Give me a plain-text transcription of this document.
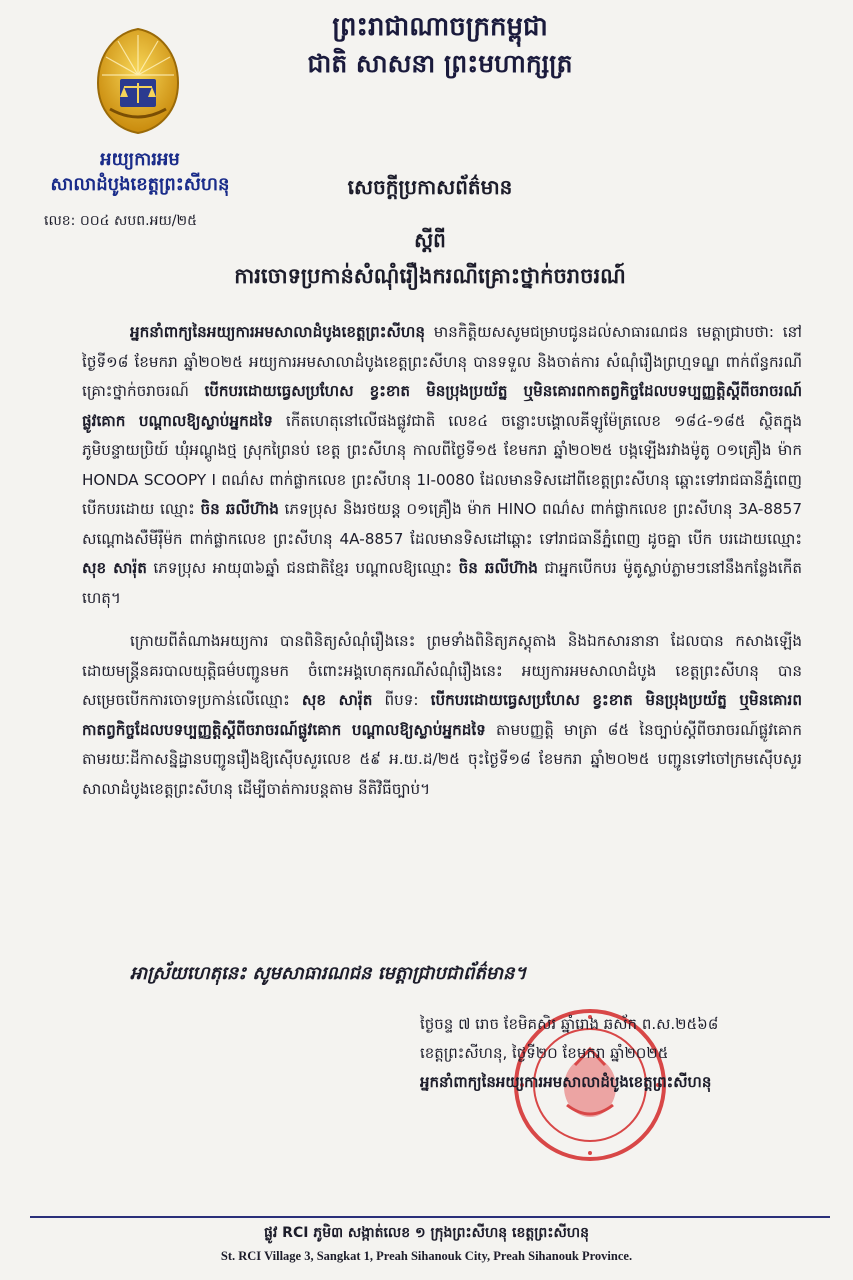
ព្រះរាជាណាចក្រកម្ពុជា
ជាតិ សាសនា ព្រះមហាក្សត្រ
អយ្យការអម
សាលាដំបូងខេត្តព្រះសីហនុ
លេខ: ០០៤ សបព.អយ/២៥
សេចក្ដីប្រកាសព័ត៌មាន
ស្ដីពី
ការចោទប្រកាន់សំណុំរឿងករណីគ្រោះថ្នាក់ចរាចរណ៍

អ្នកនាំពាក្យនៃអយ្យការអមសាលាដំបូងខេត្តព្រះសីហនុ មានកិត្តិយសសូមជម្រាបជូនដល់សាធារណជន មេត្តាជ្រាបថា: នៅថ្ងៃទី១៨ ខែមករា ឆ្នាំ២០២៥ អយ្យការអមសាលាដំបូងខេត្តព្រះសីហនុ បានទទួល និងចាត់ការ សំណុំរឿងព្រហ្មទណ្ឌ ពាក់ព័ន្ធករណីគ្រោះថ្នាក់ចរាចរណ៍ បើកបរដោយធ្វេសប្រហែស ខ្វះខាត មិនប្រុងប្រយ័ត្ន ឬមិនគោរពកាតព្វកិច្ចដែលបទប្បញ្ញត្តិស្ដីពីចរាចរណ៍ផ្លូវគោក បណ្ដាលឱ្យស្លាប់អ្នកដទៃ កើតហេតុនៅលើផងផ្លូវជាតិ លេខ៤ ចន្លោះបង្គោលគីឡូម៉ែត្រលេខ ១៨៤-១៨៥ ស្ថិតក្នុងភូមិបន្ទាយប្រិយ៍ ឃុំអណ្ដូងថ្ម ស្រុកព្រៃនប់ ខេត្ត ព្រះសីហនុ កាលពីថ្ងៃទី១៥ ខែមករា ឆ្នាំ២០២៥ បង្កឡើងរវាងម៉ូតូ ០១គ្រឿង ម៉ាក HONDA SCOOPY I ពណ៌ស ពាក់ផ្លាកលេខ ព្រះសីហនុ 1I-0080 ដែលមានទិសដៅពីខេត្តព្រះសីហនុ ឆ្ពោះទៅរាជធានីភ្នំពេញ បើកបរដោយ ឈ្មោះ ចិន ឆលីហ៊ាង ភេទប្រុស និងរថយន្ត ០១គ្រឿង ម៉ាក HINO ពណ៌ស ពាក់ផ្លាកលេខ ព្រះសីហនុ 3A-8857 សណ្ដោងសឺមីរ៉ឺម៉ក ពាក់ផ្លាកលេខ ព្រះសីហនុ 4A-8857 ដែលមានទិសដៅឆ្ពោះ ទៅរាជធានីភ្នំពេញ ដូចគ្នា បើក បរដោយឈ្មោះ សុខ សារ៉ុត ភេទប្រុស អាយុ៣៦ឆ្នាំ ជនជាតិខ្មែរ បណ្ដាលឱ្យឈ្មោះ ចិន ឆលីហ៊ាង ជាអ្នកបើកបរ ម៉ូតូស្លាប់ភ្លាមៗនៅនឹងកន្លែងកើតហេតុ។

ក្រោយពីតំណាងអយ្យការ បានពិនិត្យសំណុំរឿងនេះ ព្រមទាំងពិនិត្យភស្តុតាង និងឯកសារនានា ដែលបាន កសាងឡើងដោយមន្ត្រីនគរបាលយុត្តិធម៌បញ្ជូនមក ចំពោះអង្គហេតុករណីសំណុំរឿងនេះ អយ្យការអមសាលាដំបូង ខេត្តព្រះសីហនុ បានសម្រេចបើកការចោទប្រកាន់លើឈ្មោះ សុខ សារ៉ុត ពីបទ: បើកបរដោយធ្វេសប្រហែស ខ្វះខាត មិនប្រុងប្រយ័ត្ន ឬមិនគោរពកាតព្វកិច្ចដែលបទប្បញ្ញត្តិស្ដីពីចរាចរណ៍ផ្លូវគោក បណ្ដាលឱ្យស្លាប់អ្នកដទៃ តាមបញ្ញត្តិ មាត្រា ៨៥ នៃច្បាប់ស្ដីពីចរាចរណ៍ផ្លូវគោក តាមរយៈដីកាសន្និដ្ឋានបញ្ជូនរឿងឱ្យស៊ើបសួរលេខ ៥៩ អ.យ.ដ/២៥ ចុះថ្ងៃទី១៨ ខែមករា ឆ្នាំ២០២៥ បញ្ជូនទៅចៅក្រមស៊ើបសួរ សាលាដំបូងខេត្តព្រះសីហនុ ដើម្បីចាត់ការបន្តតាម នីតិវិធីច្បាប់។

អាស្រ័យហេតុនេះ សូមសាធារណជន មេត្តាជ្រាបជាព័ត៌មាន។
ថ្ងៃចន្ទ ៧ រោច ខែមិគសិរ ឆ្នាំរោង ឆស័ក ព.ស.២៥៦៨
ខេត្តព្រះសីហនុ, ថ្ងៃទី២០ ខែមករា ឆ្នាំ២០២៥
អ្នកនាំពាក្យនៃអយ្យការអមសាលាដំបូងខេត្តព្រះសីហនុ
ផ្លូវ RCI ភូមិ៣ សង្កាត់លេខ ១ ក្រុងព្រះសីហនុ ខេត្តព្រះសីហនុ
St. RCI Village 3, Sangkat 1, Preah Sihanouk City, Preah Sihanouk Province.
